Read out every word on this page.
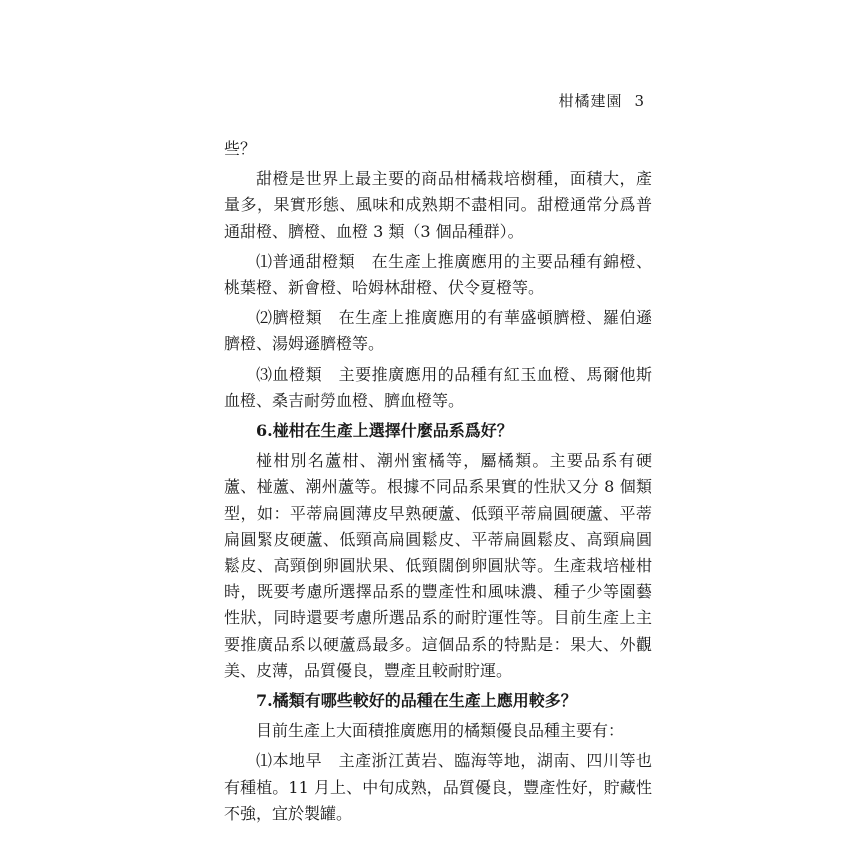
柑橘建園 3

些？

甜橙是世界上最主要的商品柑橘栽培樹種，面積大，產量多，果實形態、風味和成熟期不盡相同。甜橙通常分爲普通甜橙、臍橙、血橙 3 類（3 個品種群）。

⑴普通甜橙類　在生產上推廣應用的主要品種有錦橙、桃葉橙、新會橙、哈姆林甜橙、伏令夏橙等。

⑵臍橙類　在生產上推廣應用的有華盛頓臍橙、羅伯遜臍橙、湯姆遜臍橙等。

⑶血橙類　主要推廣應用的品種有紅玉血橙、馬爾他斯血橙、桑吉耐勞血橙、臍血橙等。

6.椪柑在生產上選擇什麼品系爲好？

椪柑別名蘆柑、潮州蜜橘等，屬橘類。主要品系有硬蘆、椪蘆、潮州蘆等。根據不同品系果實的性狀又分 8 個類型，如：平蒂扁圓薄皮早熟硬蘆、低頸平蒂扁圓硬蘆、平蒂扁圓緊皮硬蘆、低頸高扁圓鬆皮、平蒂扁圓鬆皮、高頸扁圓鬆皮、高頸倒卵圓狀果、低頸闊倒卵圓狀等。生產栽培椪柑時，既要考慮所選擇品系的豐產性和風味濃、種子少等園藝性狀，同時還要考慮所選品系的耐貯運性等。目前生產上主要推廣品系以硬蘆爲最多。這個品系的特點是：果大、外觀美、皮薄，品質優良，豐產且較耐貯運。

7.橘類有哪些較好的品種在生產上應用較多？

目前生產上大面積推廣應用的橘類優良品種主要有：

⑴本地早　主產浙江黃岩、臨海等地，湖南、四川等也有種植。11 月上、中旬成熟，品質優良，豐產性好，貯藏性不強，宜於製罐。
